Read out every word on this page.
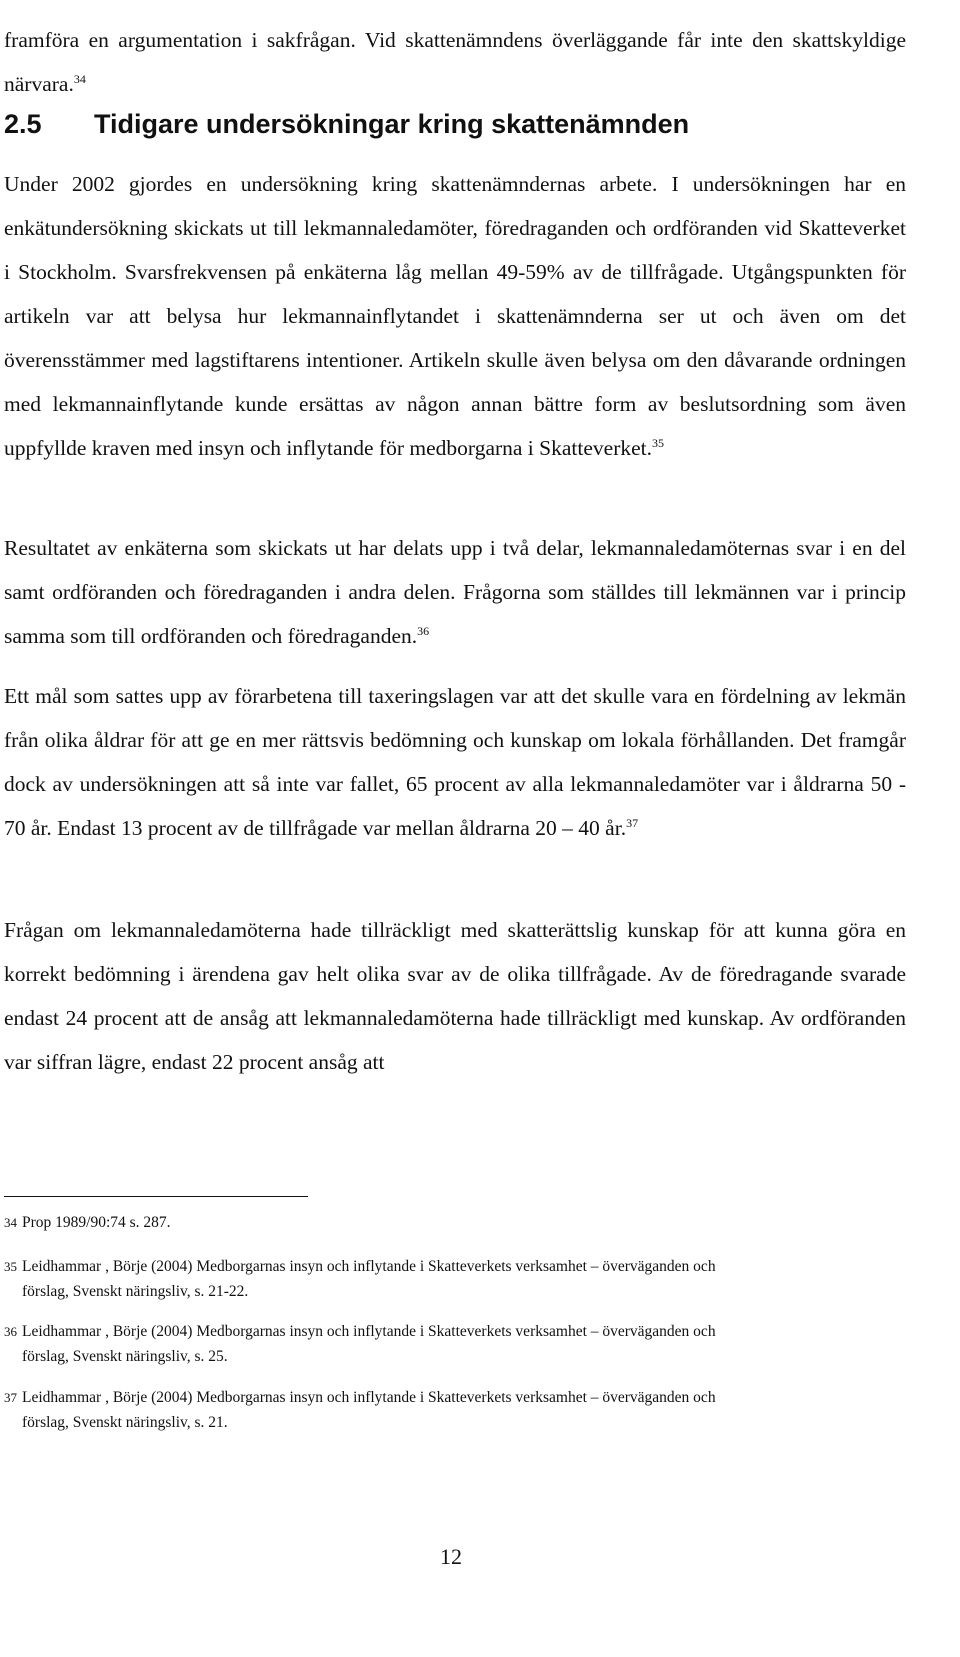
framföra en argumentation i sakfrågan. Vid skattenämndens överläggande får inte den skattskyldige närvara.$^{34}$

2.5 Tidigare undersökningar kring skattenämnden

Under 2002 gjordes en undersökning kring skattenämndernas arbete. I undersökningen har en enkätundersökning skickats ut till lekmannaledamöter, föredraganden och ordföranden vid Skatteverket i Stockholm. Svarsfrekvensen på enkäterna låg mellan 49-59% av de tillfrågade. Utgångspunkten för artikeln var att belysa hur lekmannainflytandet i skattenämnderna ser ut och även om det överensstämmer med lagstiftarens intentioner. Artikeln skulle även belysa om den dåvarande ordningen med lekmannainflytande kunde ersättas av någon annan bättre form av beslutsordning som även uppfyllde kraven med insyn och inflytande för medborgarna i Skatteverket.$^{35}$

Resultatet av enkäterna som skickats ut har delats upp i två delar, lekmannaledamöternas svar i en del samt ordföranden och föredraganden i andra delen. Frågorna som ställdes till lekmännen var i princip samma som till ordföranden och föredraganden.$^{36}$

Ett mål som sattes upp av förarbetena till taxeringslagen var att det skulle vara en fördelning av lekmän från olika åldrar för att ge en mer rättsvis bedömning och kunskap om lokala förhållanden. Det framgår dock av undersökningen att så inte var fallet, 65 procent av alla lekmannaledamöter var i åldrarna 50 - 70 år. Endast 13 procent av de tillfrågade var mellan åldrarna 20 – 40 år.$^{37}$

Frågan om lekmannaledamöterna hade tillräckligt med skatterättslig kunskap för att kunna göra en korrekt bedömning i ärendena gav helt olika svar av de olika tillfrågade. Av de föredragande svarade endast 24 procent att de ansåg att lekmannaledamöterna hade tillräckligt med kunskap. Av ordföranden var siffran lägre, endast 22 procent ansåg att

34 Prop 1989/90:74 s. 287.
35 Leidhammar , Börje (2004) Medborgarnas insyn och inflytande i Skatteverkets verksamhet – överväganden och
förslag, Svenskt näringsliv, s. 21-22.
36 Leidhammar , Börje (2004) Medborgarnas insyn och inflytande i Skatteverkets verksamhet – överväganden och
förslag, Svenskt näringsliv, s. 25.
37 Leidhammar , Börje (2004) Medborgarnas insyn och inflytande i Skatteverkets verksamhet – överväganden och
förslag, Svenskt näringsliv, s. 21.
12
